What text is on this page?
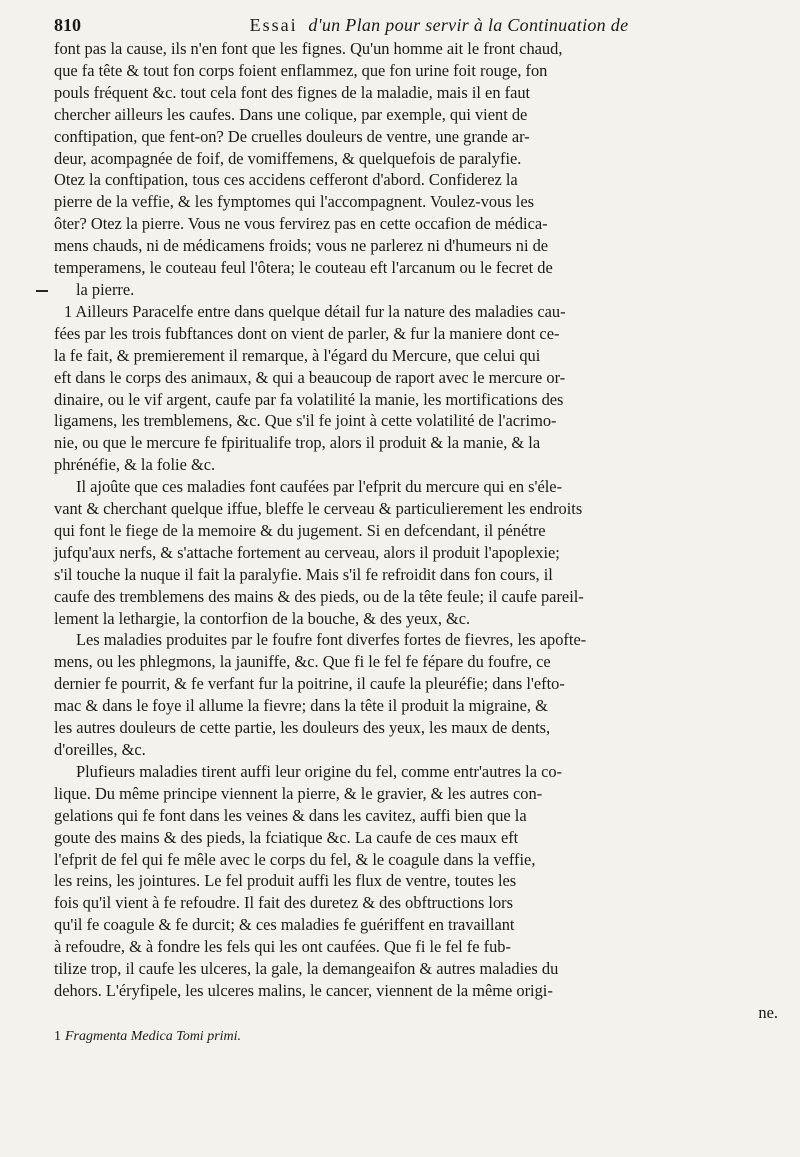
810	Essai d'un Plan pour servir à la Continuation de

font pas la cause, ils n'en font que les fignes. Qu'un homme ait le front chaud,

que fa tête & tout fon corps foient enflammez, que fon urine foit rouge, fon

pouls fréquent &c. tout cela font des fignes de la maladie, mais il en faut

chercher ailleurs les caufes. Dans une colique, par exemple, qui vient de

conftipation, que fent-on? De cruelles douleurs de ventre, une grande ar-

deur, acompagnée de foif, de vomiffemens, & quelquefois de paralyfie.

Otez la conftipation, tous ces accidens cefferont d'abord. Confiderez la

pierre de la veffie, & les fymptomes qui l'accompagnent. Voulez-vous les

ôter? Otez la pierre. Vous ne vous fervirez pas en cette occafion de médica-

mens chauds, ni de médicamens froids; vous ne parlerez ni d'humeurs ni de

temperamens, le couteau feul l'ôtera; le couteau eft l'arcanum ou le fecret de

la pierre.

1 Ailleurs Paracelfe entre dans quelque détail fur la nature des maladies cau-

fées par les trois fubftances dont on vient de parler, & fur la maniere dont ce-

la fe fait, & premierement il remarque, à l'égard du Mercure, que celui qui

eft dans le corps des animaux, & qui a beaucoup de raport avec le mercure or-

dinaire, ou le vif argent, caufe par fa volatilité la manie, les mortifications des

ligamens, les tremblemens, &c. Que s'il fe joint à cette volatilité de l'acrimo-

nie, ou que le mercure fe fpiritualife trop, alors il produit & la manie, & la

phrénéfie, & la folie &c.

Il ajoûte que ces maladies font caufées par l'efprit du mercure qui en s'éle-

vant & cherchant quelque iffue, bleffe le cerveau & particulierement les endroits

qui font le fiege de la memoire & du jugement. Si en defcendant, il pénétre

jufqu'aux nerfs, & s'attache fortement au cerveau, alors il produit l'apoplexie;

s'il touche la nuque il fait la paralyfie. Mais s'il fe refroidit dans fon cours, il

caufe des tremblemens des mains & des pieds, ou de la tête feule; il caufe pareil-

lement la lethargie, la contorfion de la bouche, & des yeux, &c.

Les maladies produites par le foufre font diverfes fortes de fievres, les apofte-

mens, ou les phlegmons, la jauniffe, &c. Que fi le fel fe fépare du foufre, ce

dernier fe pourrit, & fe verfant fur la poitrine, il caufe la pleuréfie; dans l'efto-

mac & dans le foye il allume la fievre; dans la tête il produit la migraine, &

les autres douleurs de cette partie, les douleurs des yeux, les maux de dents,

d'oreilles, &c.

Plufieurs maladies tirent auffi leur origine du fel, comme entr'autres la co-

lique. Du même principe viennent la pierre, & le gravier, & les autres con-

gelations qui fe font dans les veines & dans les cavitez, auffi bien que la

goute des mains & des pieds, la fciatique &c. La caufe de ces maux eft

l'efprit de fel qui fe mêle avec le corps du fel, & le coagule dans la veffie,

les reins, les jointures. Le fel produit auffi les flux de ventre, toutes les

fois qu'il vient à fe refoudre. Il fait des duretez & des obftructions lors

qu'il fe coagule & fe durcit; & ces maladies fe guériffent en travaillant

à refoudre, & à fondre les fels qui les ont caufées. Que fi le fel fe fub-

tilize trop, il caufe les ulceres, la gale, la demangeaifon & autres maladies du

dehors. L'éryfipele, les ulceres malins, le cancer, viennent de la même origi-

ne.

1 Fragmenta Medica Tomi primi.
